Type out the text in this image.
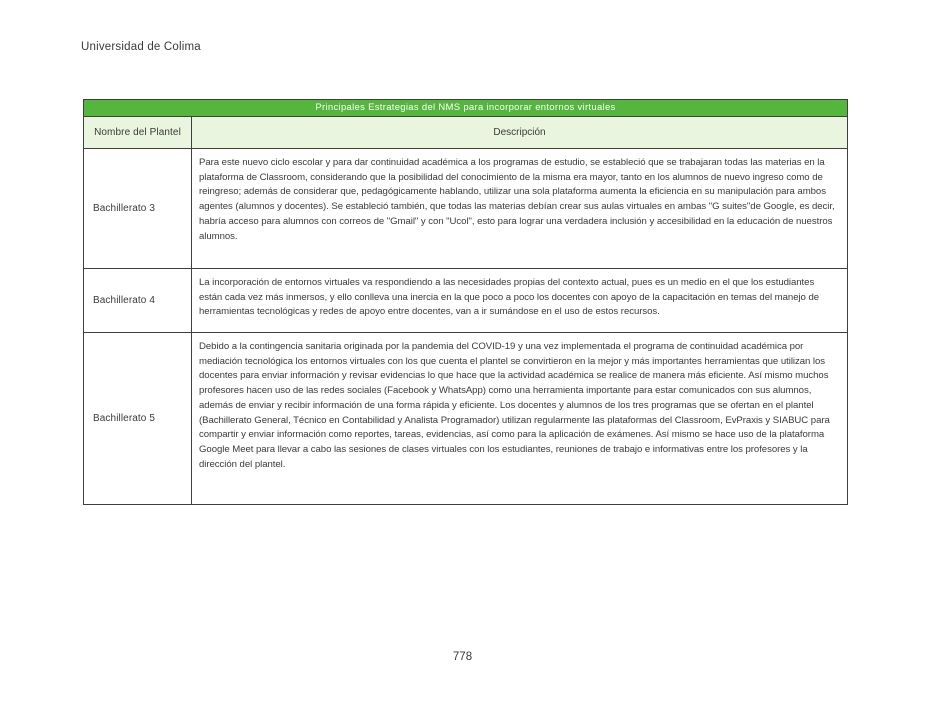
Universidad de Colima
Principales Estrategias del NMS para incorporar entornos virtuales
Nombre del Plantel	Descripción
Bachillerato 3
Para este nuevo ciclo escolar y para dar continuidad académica a los programas de estudio, se estableció que se trabajaran todas las materias en la plataforma de Classroom, considerando que la posibilidad del conocimiento de la misma era mayor, tanto en los alumnos de nuevo ingreso como de reingreso; además de considerar que, pedagógicamente hablando, utilizar una sola plataforma aumenta la eficiencia en su manipulación para ambos agentes (alumnos y docentes). Se estableció también, que todas las materias debían crear sus aulas virtuales en ambas "G suites"de Google, es decir, habría acceso para alumnos con correos de "Gmail" y con "Ucol", esto para lograr una verdadera inclusión y accesibilidad en la educación de nuestros alumnos.
Bachillerato 4
La incorporación de entornos virtuales va respondiendo a las necesidades propias del contexto actual, pues es un medio en el que los estudiantes están cada vez más inmersos, y ello conlleva una inercia en la que poco a poco los docentes con apoyo de la capacitación en temas del manejo de herramientas tecnológicas y redes de apoyo entre docentes, van a ir sumándose en el uso de estos recursos.
Bachillerato 5
Debido a la contingencia sanitaria originada por la pandemia del COVID-19 y una vez implementada el programa de continuidad académica por mediación tecnológica los entornos virtuales con los que cuenta el plantel se convirtieron en la mejor y más importantes herramientas que utilizan los docentes para enviar información y revisar evidencias lo que hace que la actividad académica se realice de manera más eficiente. Así mismo muchos profesores hacen uso de las redes sociales (Facebook y WhatsApp) como una herramienta importante para estar comunicados con sus alumnos, además de enviar y recibir información de una forma rápida y eficiente. Los docentes y alumnos de los tres programas que se ofertan en el plantel (Bachillerato General, Técnico en Contabilidad y Analista Programador) utilizan regularmente las plataformas del Classroom, EvPraxis y SIABUC para compartir y enviar información como reportes, tareas, evidencias, así como para la aplicación de exámenes. Así mismo se hace uso de la plataforma Google Meet para llevar a cabo las sesiones de clases virtuales con los estudiantes, reuniones de trabajo e informativas entre los profesores y la dirección del plantel.
778
